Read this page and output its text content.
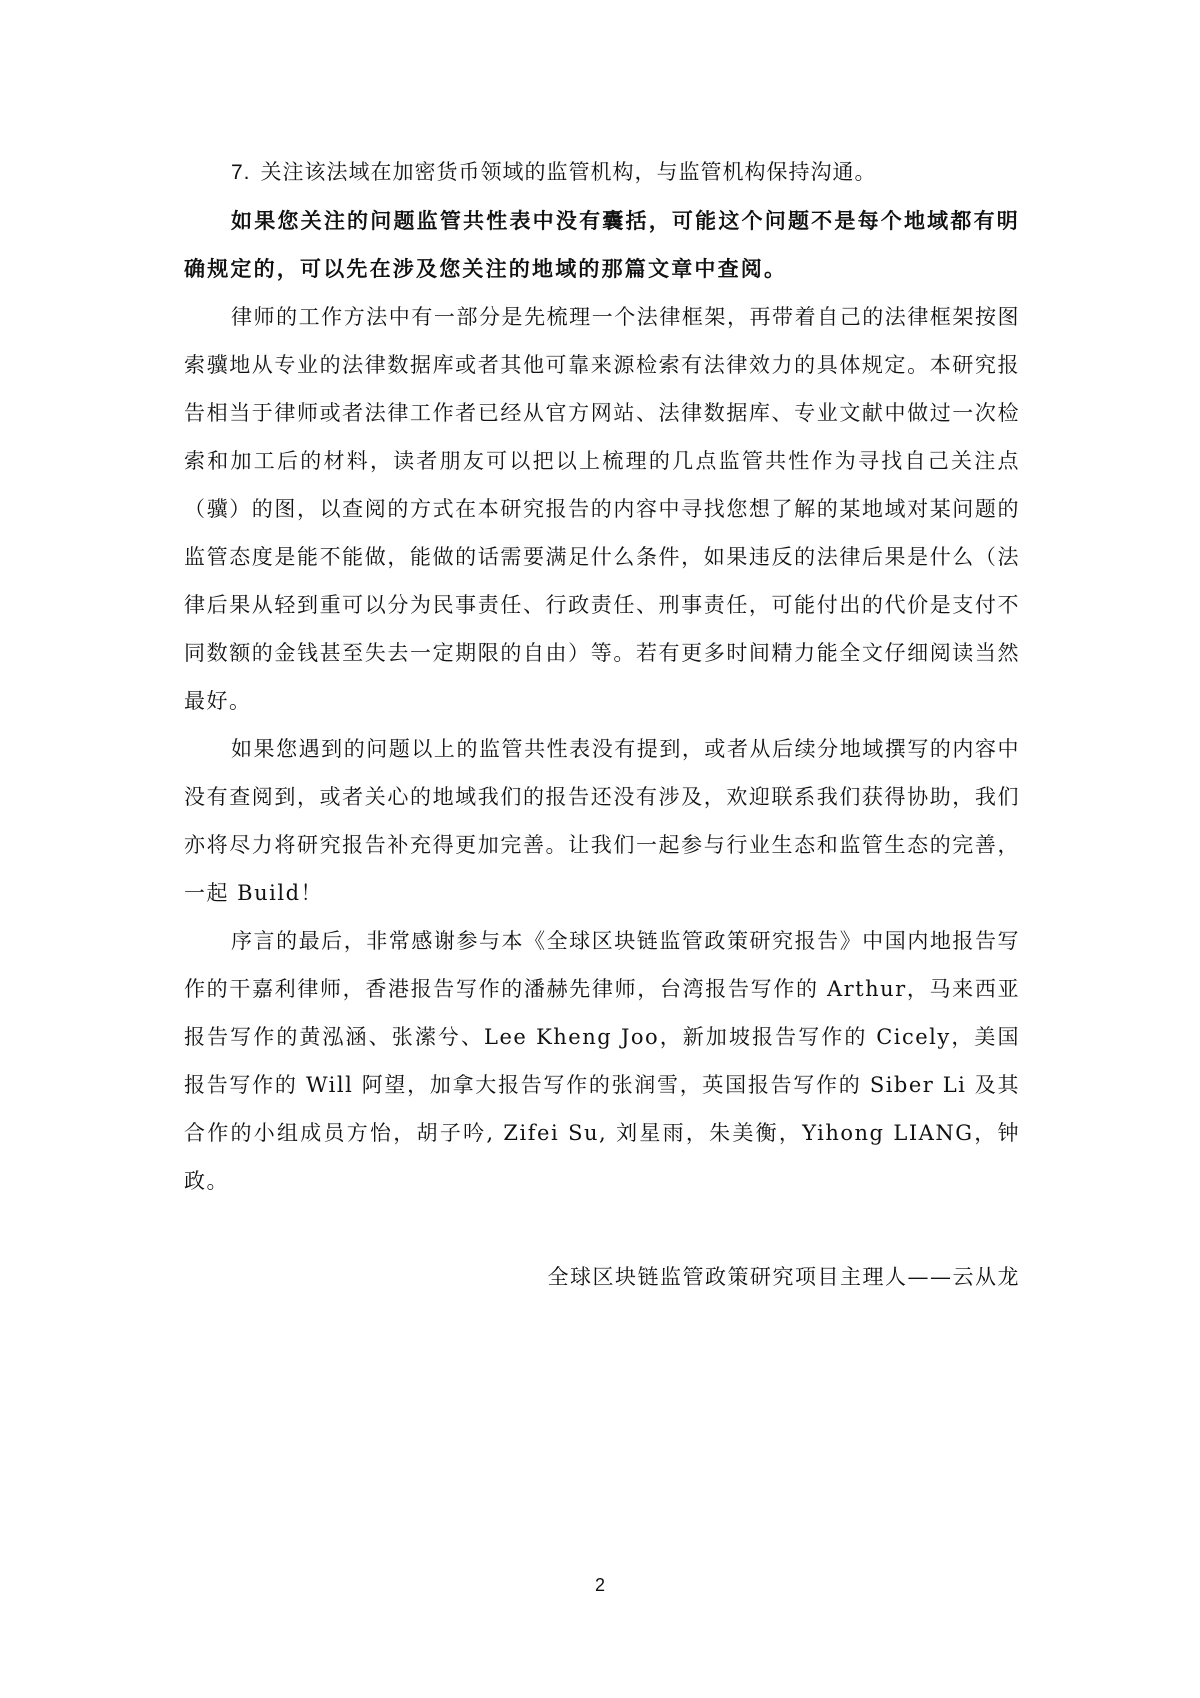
7. 关注该法域在加密货币领域的监管机构，与监管机构保持沟通。

如果您关注的问题监管共性表中没有囊括，可能这个问题不是每个地域都有明确规定的，可以先在涉及您关注的地域的那篇文章中查阅。

律师的工作方法中有一部分是先梳理一个法律框架，再带着自己的法律框架按图索骥地从专业的法律数据库或者其他可靠来源检索有法律效力的具体规定。本研究报告相当于律师或者法律工作者已经从官方网站、法律数据库、专业文献中做过一次检索和加工后的材料，读者朋友可以把以上梳理的几点监管共性作为寻找自己关注点（骥）的图，以查阅的方式在本研究报告的内容中寻找您想了解的某地域对某问题的监管态度是能不能做，能做的话需要满足什么条件，如果违反的法律后果是什么（法律后果从轻到重可以分为民事责任、行政责任、刑事责任，可能付出的代价是支付不同数额的金钱甚至失去一定期限的自由）等。若有更多时间精力能全文仔细阅读当然最好。

如果您遇到的问题以上的监管共性表没有提到，或者从后续分地域撰写的内容中没有查阅到，或者关心的地域我们的报告还没有涉及，欢迎联系我们获得协助，我们亦将尽力将研究报告补充得更加完善。让我们一起参与行业生态和监管生态的完善，一起 Build！

序言的最后，非常感谢参与本《全球区块链监管政策研究报告》中国内地报告写作的干嘉利律师，香港报告写作的潘赫先律师，台湾报告写作的 Arthur，马来西亚报告写作的黄泓涵、张潆兮、Lee Kheng Joo，新加坡报告写作的 Cicely，美国报告写作的 Will 阿望，加拿大报告写作的张润雪，英国报告写作的 Siber Li 及其合作的小组成员方怡，胡子吟, Zifei Su, 刘星雨，朱美衡，Yihong LIANG，钟政。

全球区块链监管政策研究项目主理人——云从龙

2
